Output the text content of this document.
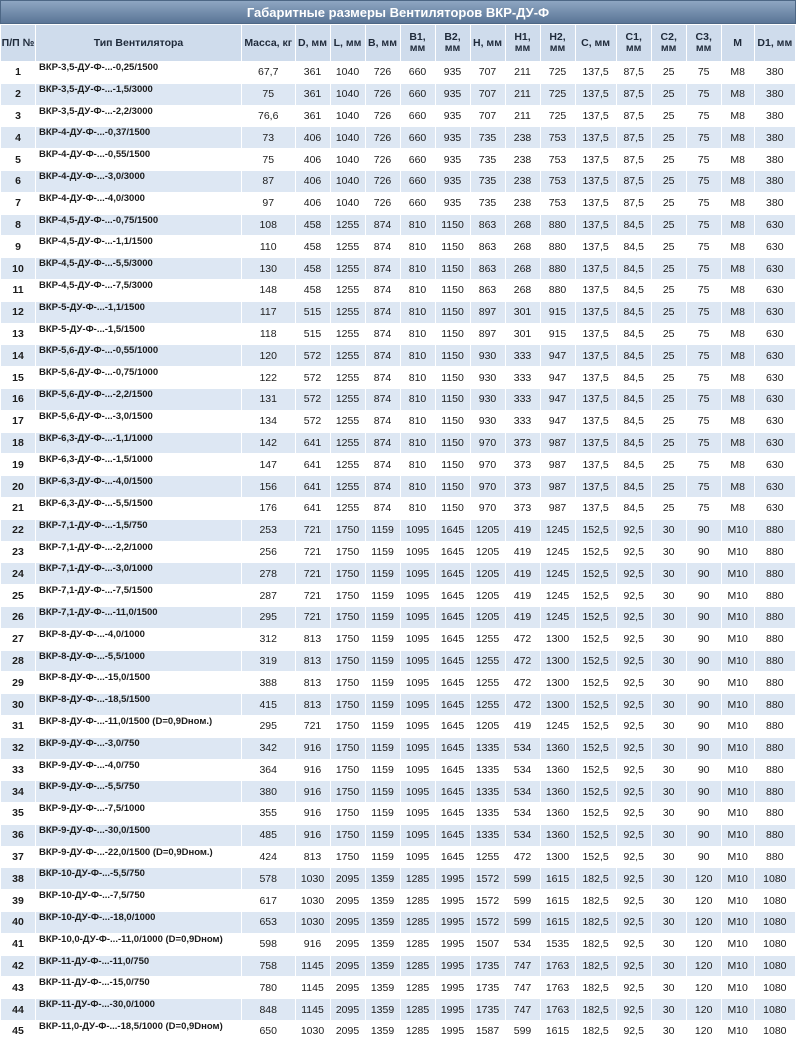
Габаритные размеры Вентиляторов ВКР-ДУ-Ф
П/П №	Тип Вентилятора	Масса, кг	D, мм	L, мм	B, мм	B1, мм	B2, мм	H, мм	H1, мм	H2, мм	C, мм	C1, мм	C2, мм	C3, мм	M	D1, мм
1	ВКР-3,5-ДУ-Ф-...-0,25/1500	67,7	361	1040	726	660	935	707	211	725	137,5	87,5	25	75	M8	380
2	ВКР-3,5-ДУ-Ф-...-1,5/3000	75	361	1040	726	660	935	707	211	725	137,5	87,5	25	75	M8	380
3	ВКР-3,5-ДУ-Ф-...-2,2/3000	76,6	361	1040	726	660	935	707	211	725	137,5	87,5	25	75	M8	380
4	ВКР-4-ДУ-Ф-...-0,37/1500	73	406	1040	726	660	935	735	238	753	137,5	87,5	25	75	M8	380
5	ВКР-4-ДУ-Ф-...-0,55/1500	75	406	1040	726	660	935	735	238	753	137,5	87,5	25	75	M8	380
6	ВКР-4-ДУ-Ф-...-3,0/3000	87	406	1040	726	660	935	735	238	753	137,5	87,5	25	75	M8	380
7	ВКР-4-ДУ-Ф-...-4,0/3000	97	406	1040	726	660	935	735	238	753	137,5	87,5	25	75	M8	380
8	ВКР-4,5-ДУ-Ф-...-0,75/1500	108	458	1255	874	810	1150	863	268	880	137,5	84,5	25	75	M8	630
9	ВКР-4,5-ДУ-Ф-...-1,1/1500	110	458	1255	874	810	1150	863	268	880	137,5	84,5	25	75	M8	630
10	ВКР-4,5-ДУ-Ф-...-5,5/3000	130	458	1255	874	810	1150	863	268	880	137,5	84,5	25	75	M8	630
11	ВКР-4,5-ДУ-Ф-...-7,5/3000	148	458	1255	874	810	1150	863	268	880	137,5	84,5	25	75	M8	630
12	ВКР-5-ДУ-Ф-...-1,1/1500	117	515	1255	874	810	1150	897	301	915	137,5	84,5	25	75	M8	630
13	ВКР-5-ДУ-Ф-...-1,5/1500	118	515	1255	874	810	1150	897	301	915	137,5	84,5	25	75	M8	630
14	ВКР-5,6-ДУ-Ф-...-0,55/1000	120	572	1255	874	810	1150	930	333	947	137,5	84,5	25	75	M8	630
15	ВКР-5,6-ДУ-Ф-...-0,75/1000	122	572	1255	874	810	1150	930	333	947	137,5	84,5	25	75	M8	630
16	ВКР-5,6-ДУ-Ф-...-2,2/1500	131	572	1255	874	810	1150	930	333	947	137,5	84,5	25	75	M8	630
17	ВКР-5,6-ДУ-Ф-...-3,0/1500	134	572	1255	874	810	1150	930	333	947	137,5	84,5	25	75	M8	630
18	ВКР-6,3-ДУ-Ф-...-1,1/1000	142	641	1255	874	810	1150	970	373	987	137,5	84,5	25	75	M8	630
19	ВКР-6,3-ДУ-Ф-...-1,5/1000	147	641	1255	874	810	1150	970	373	987	137,5	84,5	25	75	M8	630
20	ВКР-6,3-ДУ-Ф-...-4,0/1500	156	641	1255	874	810	1150	970	373	987	137,5	84,5	25	75	M8	630
21	ВКР-6,3-ДУ-Ф-...-5,5/1500	176	641	1255	874	810	1150	970	373	987	137,5	84,5	25	75	M8	630
22	ВКР-7,1-ДУ-Ф-...-1,5/750	253	721	1750	1159	1095	1645	1205	419	1245	152,5	92,5	30	90	M10	880
23	ВКР-7,1-ДУ-Ф-...-2,2/1000	256	721	1750	1159	1095	1645	1205	419	1245	152,5	92,5	30	90	M10	880
24	ВКР-7,1-ДУ-Ф-...-3,0/1000	278	721	1750	1159	1095	1645	1205	419	1245	152,5	92,5	30	90	M10	880
25	ВКР-7,1-ДУ-Ф-...-7,5/1500	287	721	1750	1159	1095	1645	1205	419	1245	152,5	92,5	30	90	M10	880
26	ВКР-7,1-ДУ-Ф-...-11,0/1500	295	721	1750	1159	1095	1645	1205	419	1245	152,5	92,5	30	90	M10	880
27	ВКР-8-ДУ-Ф-...-4,0/1000	312	813	1750	1159	1095	1645	1255	472	1300	152,5	92,5	30	90	M10	880
28	ВКР-8-ДУ-Ф-...-5,5/1000	319	813	1750	1159	1095	1645	1255	472	1300	152,5	92,5	30	90	M10	880
29	ВКР-8-ДУ-Ф-...-15,0/1500	388	813	1750	1159	1095	1645	1255	472	1300	152,5	92,5	30	90	M10	880
30	ВКР-8-ДУ-Ф-...-18,5/1500	415	813	1750	1159	1095	1645	1255	472	1300	152,5	92,5	30	90	M10	880
31	ВКР-8-ДУ-Ф-...-11,0/1500 (D=0,9Dном.)	295	721	1750	1159	1095	1645	1205	419	1245	152,5	92,5	30	90	M10	880
32	ВКР-9-ДУ-Ф-...-3,0/750	342	916	1750	1159	1095	1645	1335	534	1360	152,5	92,5	30	90	M10	880
33	ВКР-9-ДУ-Ф-...-4,0/750	364	916	1750	1159	1095	1645	1335	534	1360	152,5	92,5	30	90	M10	880
34	ВКР-9-ДУ-Ф-...-5,5/750	380	916	1750	1159	1095	1645	1335	534	1360	152,5	92,5	30	90	M10	880
35	ВКР-9-ДУ-Ф-...-7,5/1000	355	916	1750	1159	1095	1645	1335	534	1360	152,5	92,5	30	90	M10	880
36	ВКР-9-ДУ-Ф-...-30,0/1500	485	916	1750	1159	1095	1645	1335	534	1360	152,5	92,5	30	90	M10	880
37	ВКР-9-ДУ-Ф-...-22,0/1500 (D=0,9Dном.)	424	813	1750	1159	1095	1645	1255	472	1300	152,5	92,5	30	90	M10	880
38	ВКР-10-ДУ-Ф-...-5,5/750	578	1030	2095	1359	1285	1995	1572	599	1615	182,5	92,5	30	120	M10	1080
39	ВКР-10-ДУ-Ф-...-7,5/750	617	1030	2095	1359	1285	1995	1572	599	1615	182,5	92,5	30	120	M10	1080
40	ВКР-10-ДУ-Ф-...-18,0/1000	653	1030	2095	1359	1285	1995	1572	599	1615	182,5	92,5	30	120	M10	1080
41	ВКР-10,0-ДУ-Ф-...-11,0/1000 (D=0,9Dном)	598	916	2095	1359	1285	1995	1507	534	1535	182,5	92,5	30	120	M10	1080
42	ВКР-11-ДУ-Ф-...-11,0/750	758	1145	2095	1359	1285	1995	1735	747	1763	182,5	92,5	30	120	M10	1080
43	ВКР-11-ДУ-Ф-...-15,0/750	780	1145	2095	1359	1285	1995	1735	747	1763	182,5	92,5	30	120	M10	1080
44	ВКР-11-ДУ-Ф-...-30,0/1000	848	1145	2095	1359	1285	1995	1735	747	1763	182,5	92,5	30	120	M10	1080
45	ВКР-11,0-ДУ-Ф-...-18,5/1000 (D=0,9Dном)	650	1030	2095	1359	1285	1995	1587	599	1615	182,5	92,5	30	120	M10	1080
